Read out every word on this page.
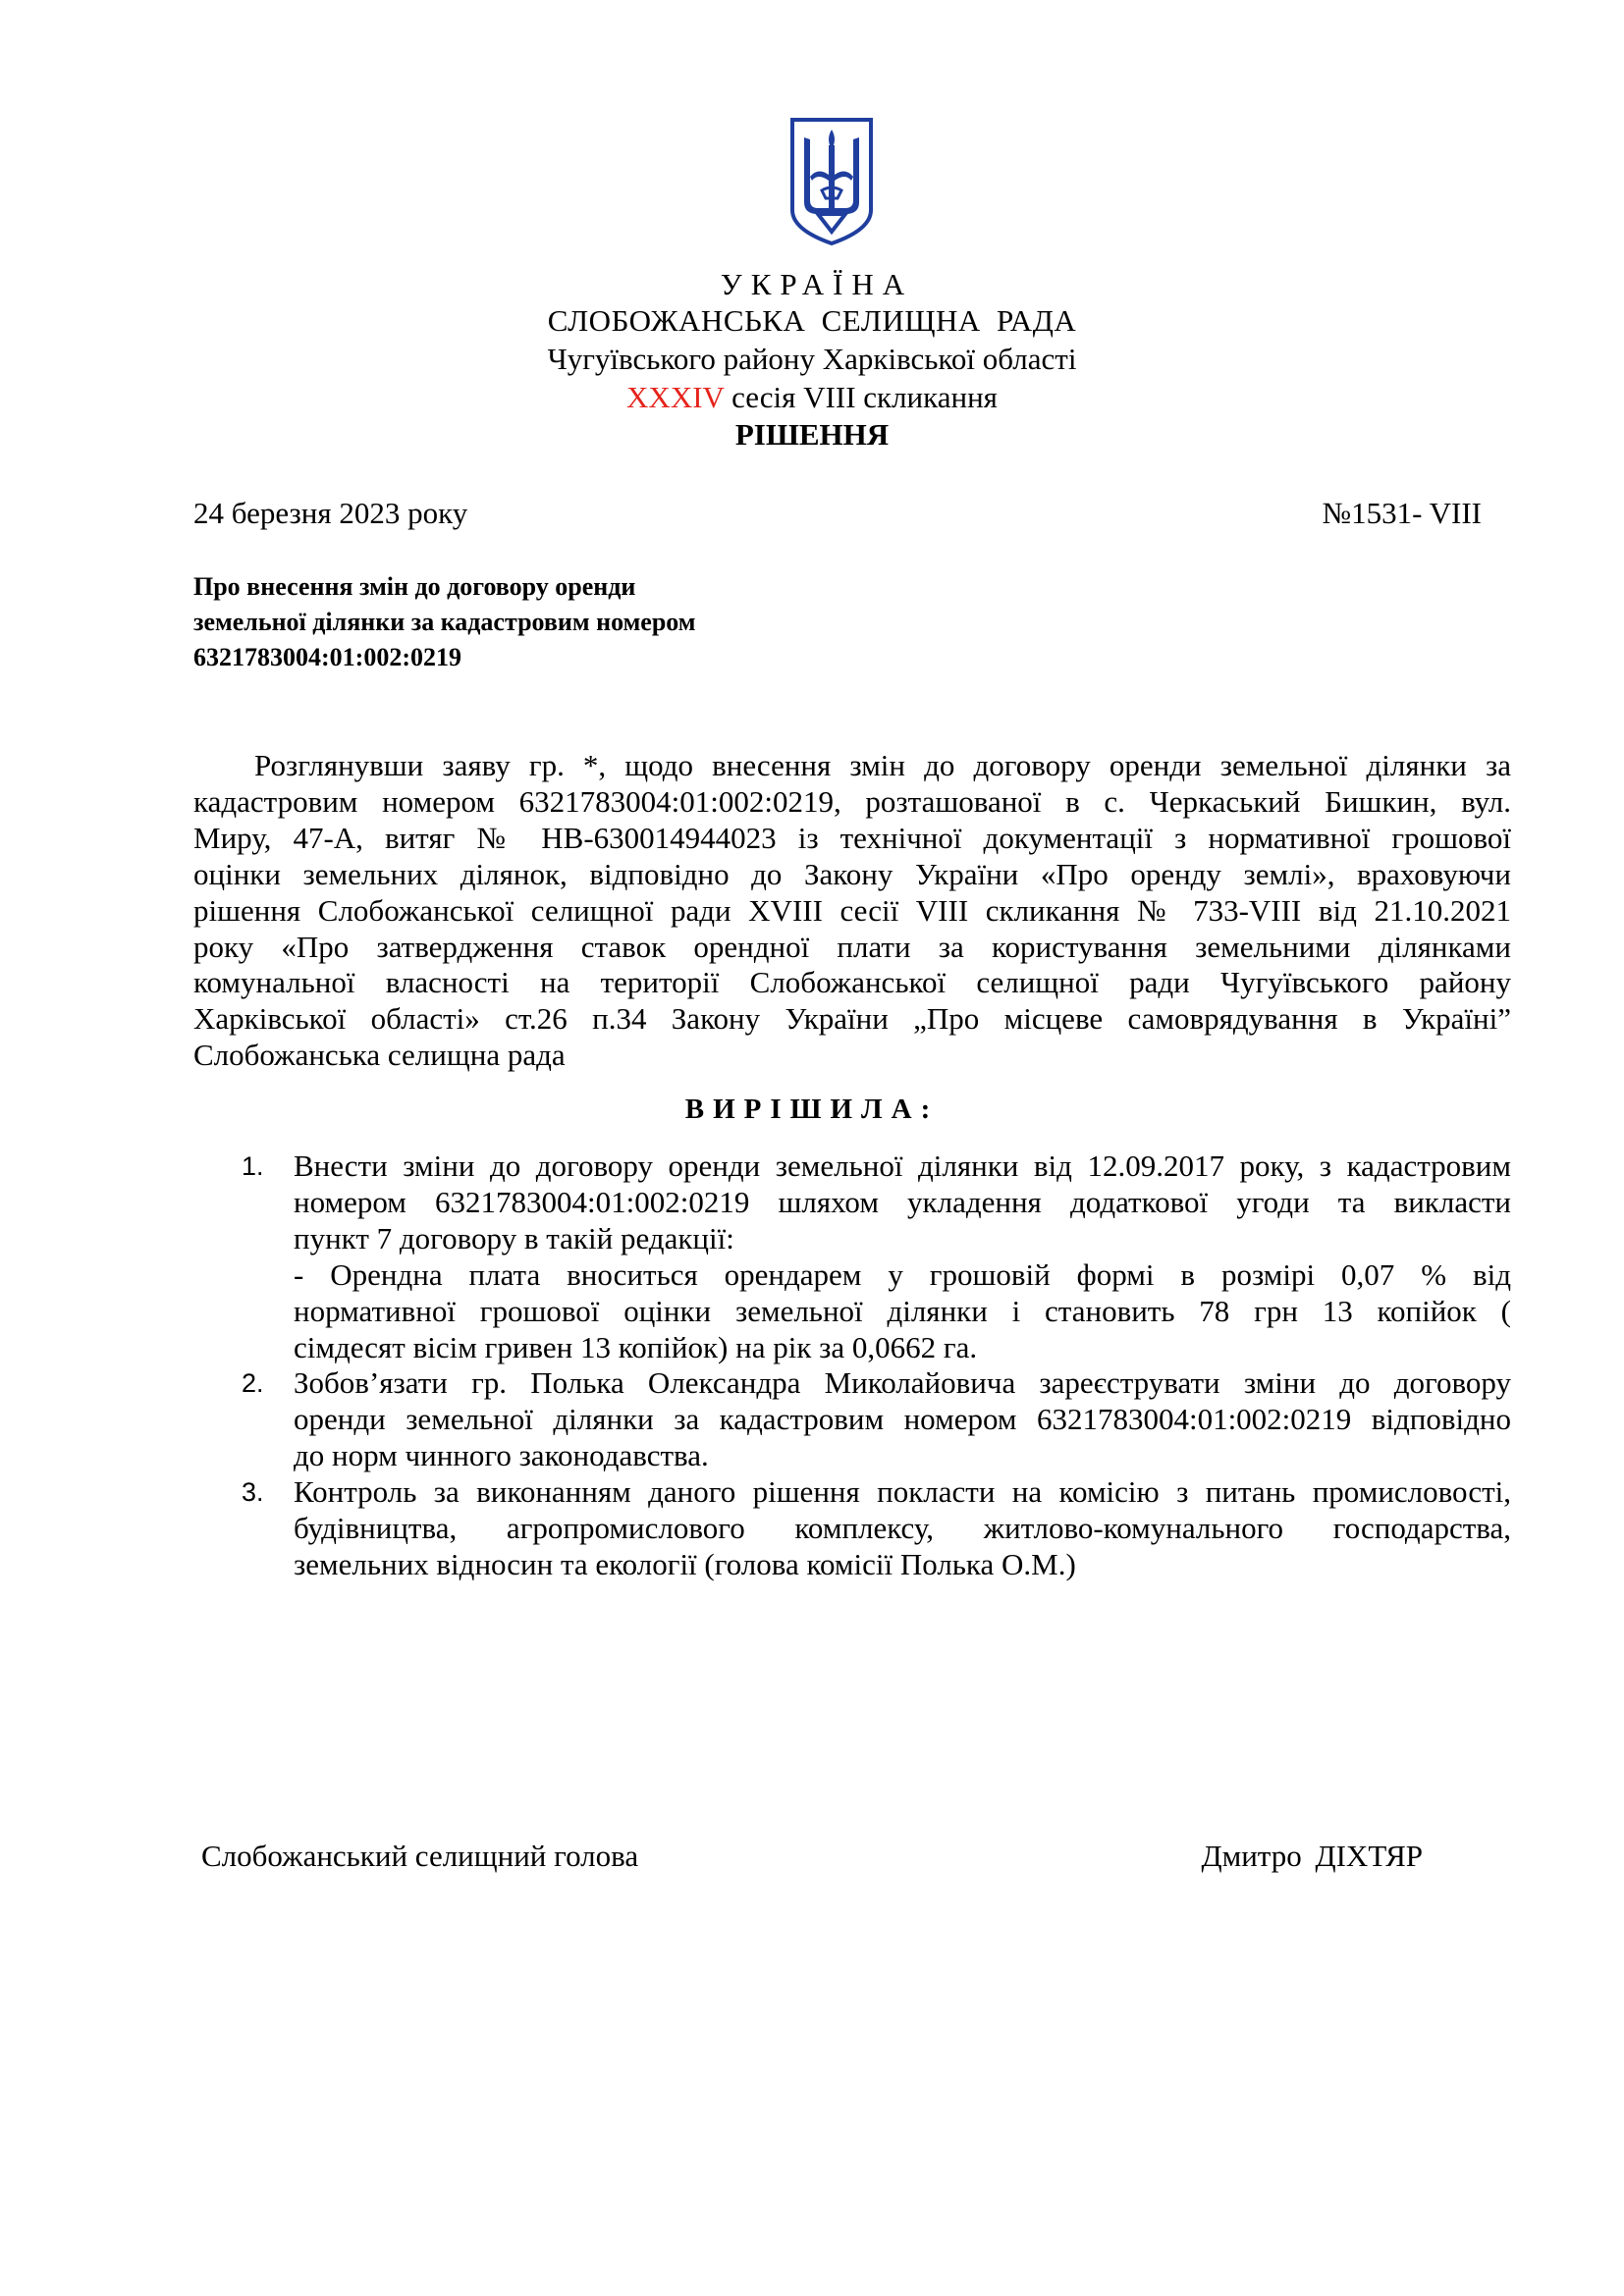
УКРАЇНА
СЛОБОЖАНСЬКА СЕЛИЩНА РАДА
Чугуївського району Харківської області
XXXIV сесія VIII скликання
РІШЕННЯ
24 березня 2023 року	№1531- VIII
Про внесення змін до договору оренди
земельної ділянки за кадастровим номером
6321783004:01:002:0219
Розглянувши заяву гр. *, щодо внесення змін до договору оренди земельної ділянки за
кадастровим номером 6321783004:01:002:0219, розташованої в с. Черкаський Бишкин, вул.
Миру, 47-А, витяг № НВ-630014944023 із технічної документації з нормативної грошової
оцінки земельних ділянок, відповідно до Закону України «Про оренду землі», враховуючи
рішення Слобожанської селищної ради XVIII сесії VIII скликання № 733-VIII від 21.10.2021
року «Про затвердження ставок орендної плати за користування земельними ділянками
комунальної власності на території Слобожанської селищної ради Чугуївського району
Харківської області» ст.26 п.34 Закону України „Про місцеве самоврядування в Україні”
Слобожанська селищна рада
ВИРІШИЛА:
1. Внести зміни до договору оренди земельної ділянки від 12.09.2017 року, з кадастровим
номером 6321783004:01:002:0219 шляхом укладення додаткової угоди та викласти
пункт 7 договору в такій редакції:
- Орендна плата вноситься орендарем у грошовій формі в розмірі 0,07 % від
нормативної грошової оцінки земельної ділянки і становить 78 грн 13 копійок (
сімдесят вісім гривен 13 копійок) на рік за 0,0662 га.
2. Зобов’язати гр. Полька Олександра Миколайовича зареєструвати зміни до договору
оренди земельної ділянки за кадастровим номером 6321783004:01:002:0219 відповідно
до норм чинного законодавства.
3. Контроль за виконанням даного рішення покласти на комісію з питань промисловості,
будівництва, агропромислового комплексу, житлово-комунального господарства,
земельних відносин та екології (голова комісії Полька О.М.)
Слобожанський селищний голова	Дмитро ДІХТЯР
